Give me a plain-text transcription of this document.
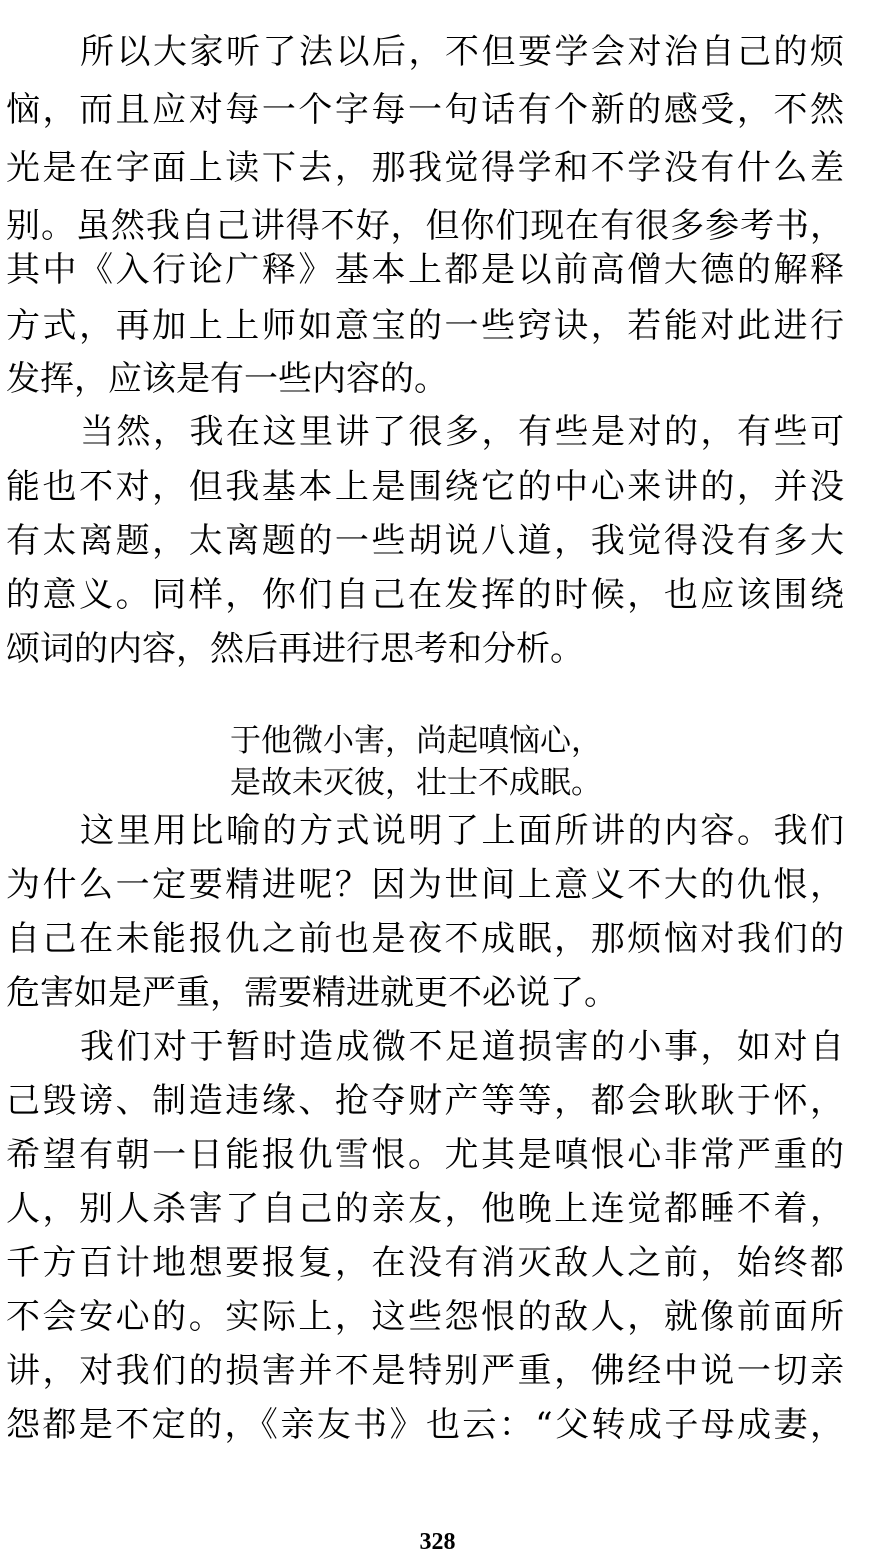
所以大家听了法以后，不但要学会对治自己的烦
恼，而且应对每一个字每一句话有个新的感受，不然
光是在字面上读下去，那我觉得学和不学没有什么差
别。虽然我自己讲得不好，但你们现在有很多参考书，
其中《入行论广释》基本上都是以前高僧大德的解释
方式，再加上上师如意宝的一些窍诀，若能对此进行
发挥，应该是有一些内容的。
当然，我在这里讲了很多，有些是对的，有些可
能也不对，但我基本上是围绕它的中心来讲的，并没
有太离题，太离题的一些胡说八道，我觉得没有多大
的意义。同样，你们自己在发挥的时候，也应该围绕
颂词的内容，然后再进行思考和分析。
于他微小害，尚起嗔恼心，
是故未灭彼，壮士不成眠。
这里用比喻的方式说明了上面所讲的内容。我们
为什么一定要精进呢？因为世间上意义不大的仇恨，
自己在未能报仇之前也是夜不成眠，那烦恼对我们的
危害如是严重，需要精进就更不必说了。
我们对于暂时造成微不足道损害的小事，如对自
己毁谤、制造违缘、抢夺财产等等，都会耿耿于怀，
希望有朝一日能报仇雪恨。尤其是嗔恨心非常严重的
人，别人杀害了自己的亲友，他晚上连觉都睡不着，
千方百计地想要报复，在没有消灭敌人之前，始终都
不会安心的。实际上，这些怨恨的敌人，就像前面所
讲，对我们的损害并不是特别严重，佛经中说一切亲
怨都是不定的，《亲友书》也云：“父转成子母成妻，
328
